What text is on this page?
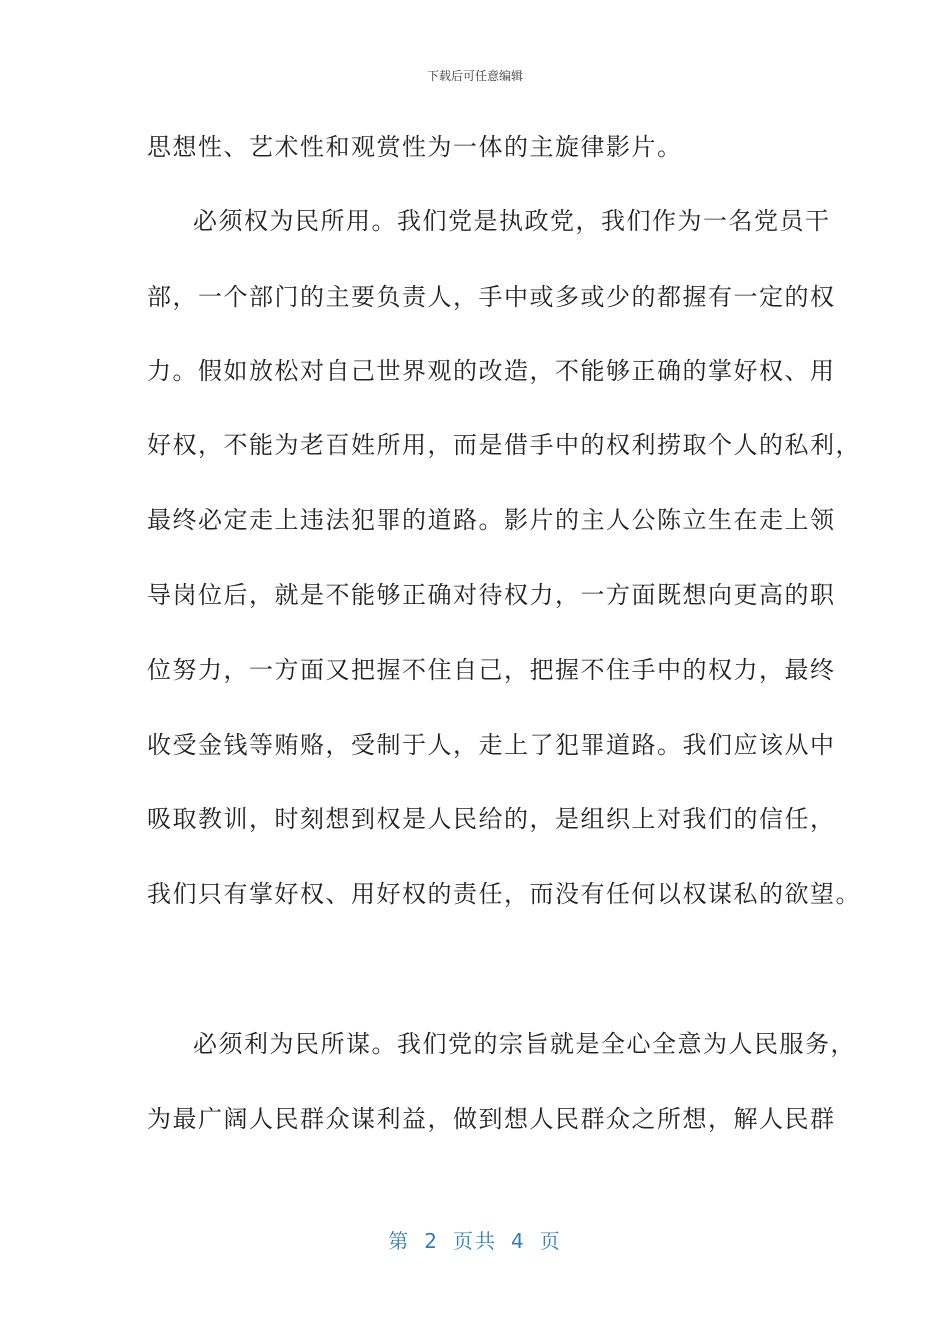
下载后可任意编辑
思想性、艺术性和观赏性为一体的主旋律影片。
必须权为民所用。我们党是执政党，我们作为一名党员干
部，一个部门的主要负责人，手中或多或少的都握有一定的权
力。假如放松对自己世界观的改造，不能够正确的掌好权、用
好权，不能为老百姓所用，而是借手中的权利捞取个人的私利，
最终必定走上违法犯罪的道路。影片的主人公陈立生在走上领
导岗位后，就是不能够正确对待权力，一方面既想向更高的职
位努力，一方面又把握不住自己，把握不住手中的权力，最终
收受金钱等贿赂，受制于人，走上了犯罪道路。我们应该从中
吸取教训，时刻想到权是人民给的，是组织上对我们的信任，
我们只有掌好权、用好权的责任，而没有任何以权谋私的欲望。
必须利为民所谋。我们党的宗旨就是全心全意为人民服务，
为最广阔人民群众谋利益，做到想人民群众之所想，解人民群
第 2 页共 4 页
